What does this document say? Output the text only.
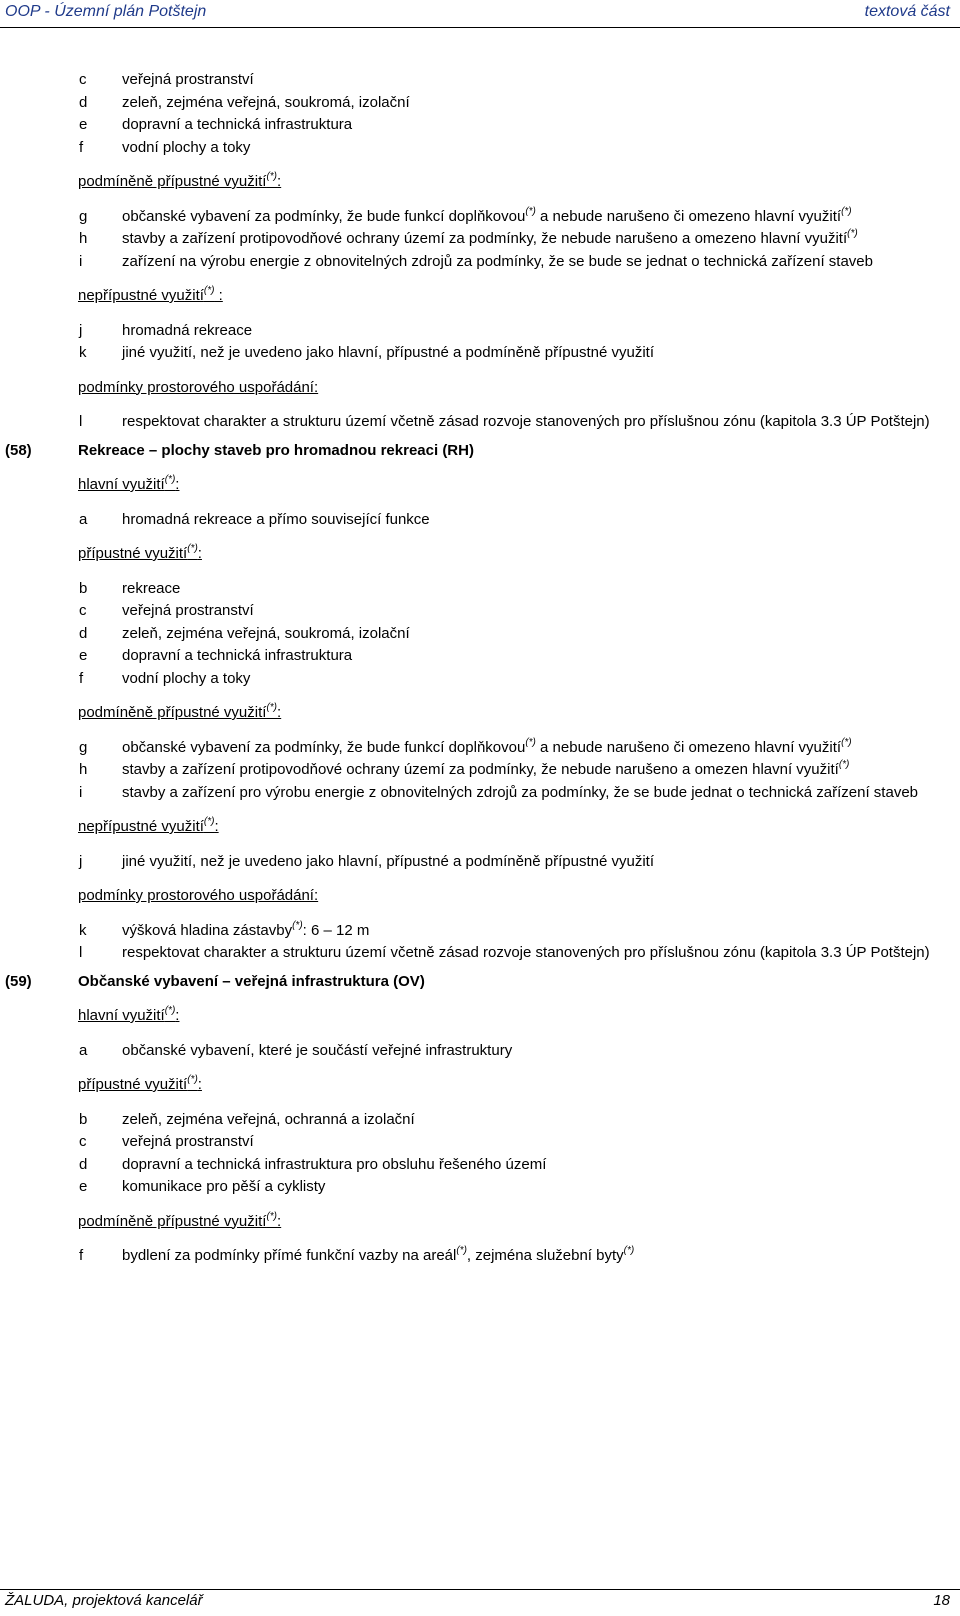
OOP - Územní plán Potštejn	textová část
c veřejná prostranství
d zeleň, zejména veřejná, soukromá, izolační
e dopravní a technická infrastruktura
f	vodní plochy a toky
podmíněně přípustné využití(*):
g občanské vybavení za podmínky, že bude funkcí doplňkovou(*) a nebude narušeno či omezeno hlavní využití(*)
h stavby a zařízení protipovodňové ochrany území za podmínky, že nebude narušeno a omezeno hlavní využití(*)
i	zařízení na výrobu energie z obnovitelných zdrojů za podmínky, že se bude se jednat o technická zařízení staveb
nepřípustné využití(*) :
j	hromadná rekreace
k jiné využití, než je uvedeno jako hlavní, přípustné a podmíněně přípustné využití
podmínky prostorového uspořádání:
l	respektovat charakter a strukturu území včetně zásad rozvoje stanovených pro příslušnou zónu (kapitola 3.3 ÚP Potštejn)
(58)	Rekreace – plochy staveb pro hromadnou rekreaci (RH)
hlavní využití(*):
a hromadná rekreace a přímo související funkce
přípustné využití(*):
b rekreace
c veřejná prostranství
d zeleň, zejména veřejná, soukromá, izolační
e dopravní a technická infrastruktura
f	vodní plochy a toky
podmíněně přípustné využití(*):
g občanské vybavení za podmínky, že bude funkcí doplňkovou(*) a nebude narušeno či omezeno hlavní využití(*)
h stavby a zařízení protipovodňové ochrany území za podmínky, že nebude narušeno a omezen hlavní využití(*)
i	stavby a zařízení pro výrobu energie z obnovitelných zdrojů za podmínky, že se bude jednat o technická zařízení staveb
nepřípustné využití(*):
j	jiné využití, než je uvedeno jako hlavní, přípustné a podmíněně přípustné využití
podmínky prostorového uspořádání:
k výšková hladina zástavby(*): 6 – 12 m
l	respektovat charakter a strukturu území včetně zásad rozvoje stanovených pro příslušnou zónu (kapitola 3.3 ÚP Potštejn)
(59)	Občanské vybavení – veřejná infrastruktura (OV)
hlavní využití(*):
a občanské vybavení, které je součástí veřejné infrastruktury
přípustné využití(*):
b zeleň, zejména veřejná, ochranná a izolační
c veřejná prostranství
d dopravní a technická infrastruktura pro obsluhu řešeného území
e komunikace pro pěší a cyklisty
podmíněně přípustné využití(*):
f	bydlení za podmínky přímé funkční vazby na areál(*), zejména služební byty(*)
ŽALUDA, projektová kancelář	18
